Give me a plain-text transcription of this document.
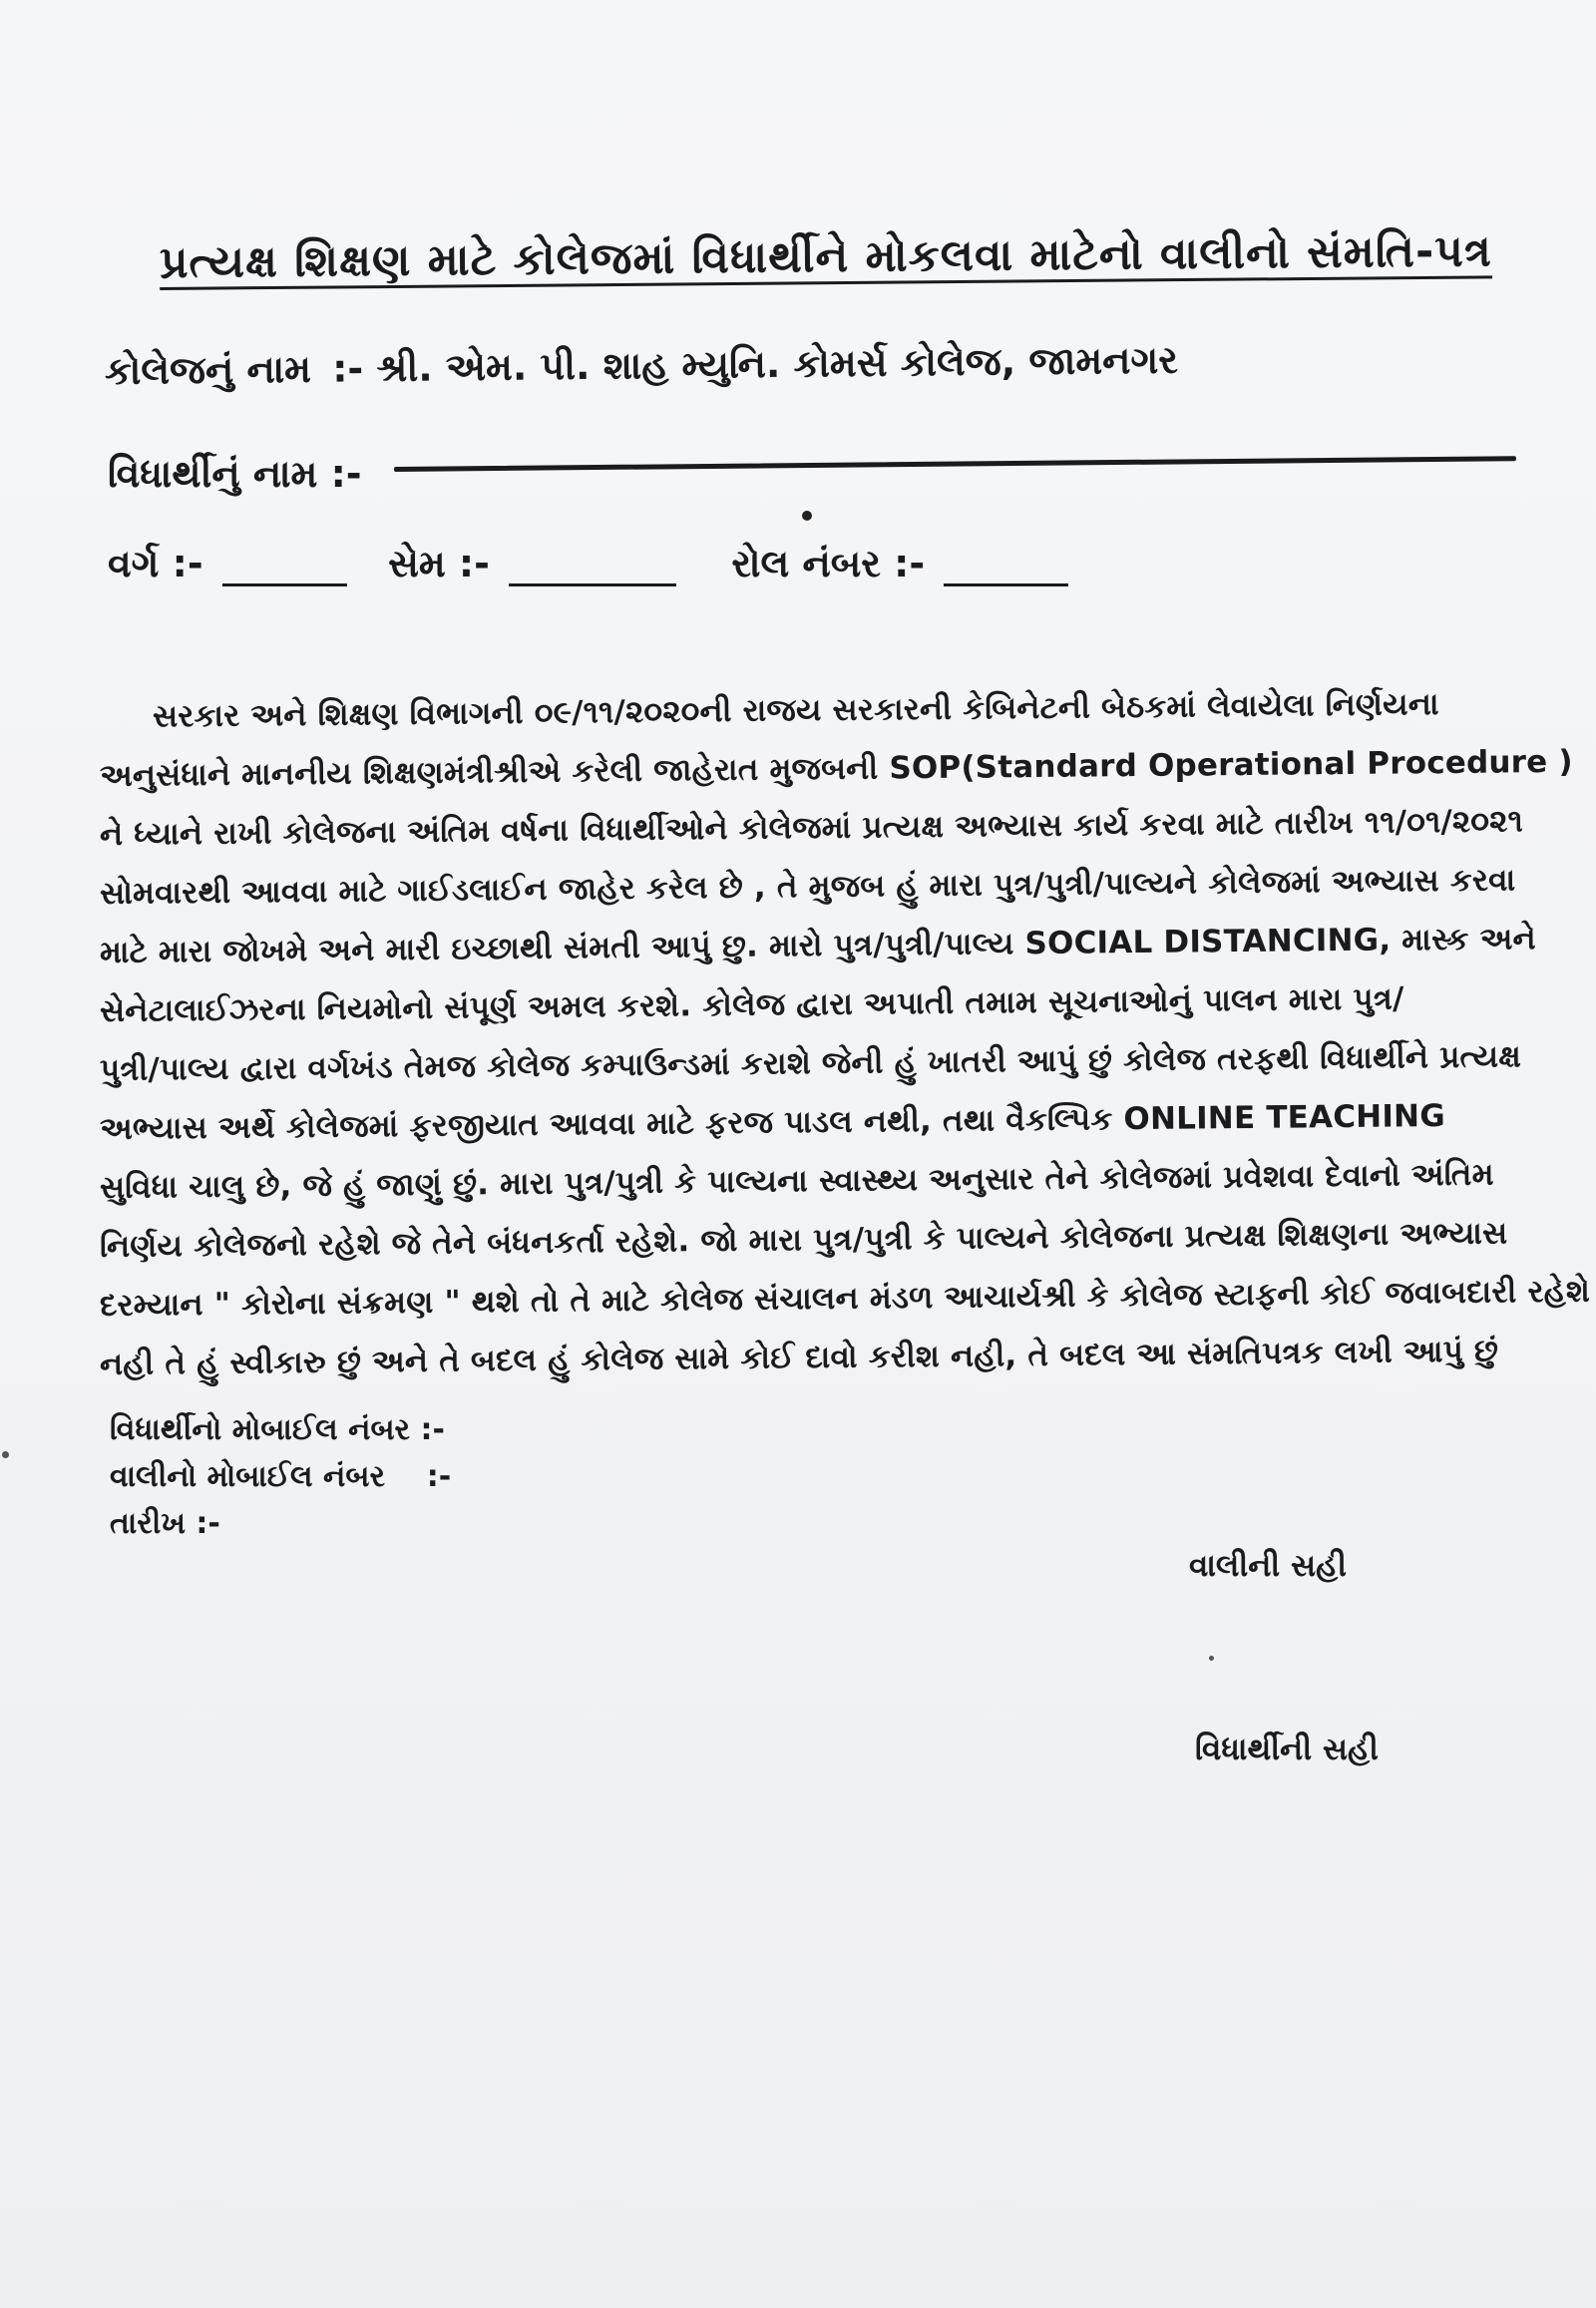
પ્રત્યક્ષ શિક્ષણ માટે કોલેજમાં વિધાર્થીને મોકલવા માટેનો વાલીનો સંમતિ-પત્ર
કોલેજનું નામ :- શ્રી. એમ. પી. શાહ મ્યુનિ. કોમર્સ કોલેજ, જામનગર
વિધાર્થીનું નામ :-
વર્ગ :-	સેમ :-	રોલ નંબર :-
સરકાર અને શિક્ષણ વિભાગની ૦૯/૧૧/૨૦૨૦ની રાજય સરકારની કેબિનેટની બેઠકમાં લેવાયેલા નિર્ણયના
અનુસંધાને માનનીય શિક્ષણમંત્રીશ્રીએ કરેલી જાહેરાત મુજબની SOP(Standard Operational Procedure )
ને ધ્યાને રાખી કોલેજના અંતિમ વર્ષના વિધાર્થીઓને કોલેજમાં પ્રત્યક્ષ અભ્યાસ કાર્ય કરવા માટે તારીખ ૧૧/૦૧/૨૦૨૧
સોમવારથી આવવા માટે ગાઈડલાઈન જાહેર કરેલ છે , તે મુજબ હું મારા પુત્ર/પુત્રી/પાલ્યને કોલેજમાં અભ્યાસ કરવા
માટે મારા જોખમે અને મારી ઇચ્છાથી સંમતી આપું છુ. મારો પુત્ર/પુત્રી/પાલ્ય SOCIAL DISTANCING, માસ્ક અને
સેનેટાલાઈઝરના નિયમોનો સંપૂર્ણ અમલ કરશે. કોલેજ દ્વારા અપાતી તમામ સૂચનાઓનું પાલન મારા પુત્ર/
પુત્રી/પાલ્ય દ્વારા વર્ગખંડ તેમજ કોલેજ કમ્પાઉન્ડમાં કરાશે જેની હું ખાતરી આપું છું કોલેજ તરફથી વિધાર્થીને પ્રત્યક્ષ
અભ્યાસ અર્થે કોલેજમાં ફરજીયાત આવવા માટે ફરજ પાડલ નથી, તથા વૈકલ્પિક ONLINE TEACHING
સુવિધા ચાલુ છે, જે હું જાણું છું. મારા પુત્ર/પુત્રી કે પાલ્યના સ્વાસ્થ્ય અનુસાર તેને કોલેજમાં પ્રવેશવા દેવાનો અંતિમ
નિર્ણય કોલેજનો રહેશે જે તેને બંધનકર્તા રહેશે. જો મારા પુત્ર/પુત્રી કે પાલ્યને કોલેજના પ્રત્યક્ષ શિક્ષણના અભ્યાસ
દરમ્યાન " કોરોના સંક્રમણ " થશે તો તે માટે કોલેજ સંચાલન મંડળ આચાર્યશ્રી કે કોલેજ સ્ટાફની કોઈ જવાબદારી રહેશે
નહી તે હું સ્વીકારુ છું અને તે બદલ હું કોલેજ સામે કોઈ દાવો કરીશ નહી, તે બદલ આ સંમતિપત્રક લખી આપું છું
વિધાર્થીનો મોબાઈલ નંબર :-
વાલીનો મોબાઈલ નંબર    :-
તારીખ :-
વાલીની સહી
વિધાર્થીની સહી
